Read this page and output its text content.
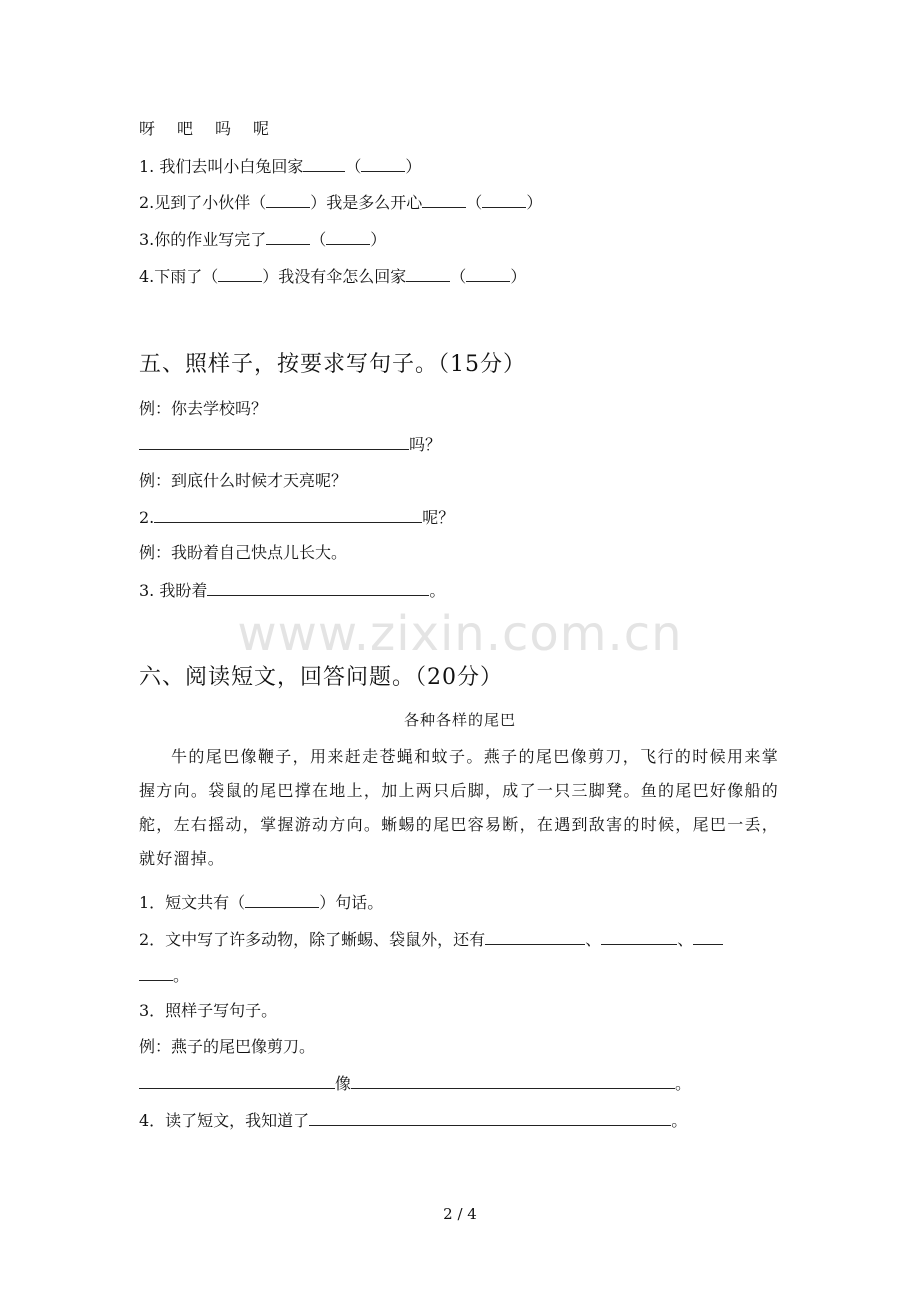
呀　吧　吗　呢
1. 我们去叫小白兔回家	（	）
2.见到了小伙伴（	）我是多么开心	（	）
3.你的作业写完了	（	）
4.下雨了（	）我没有伞怎么回家	（	）
五、照样子，按要求写句子。（15分）
例：你去学校吗？
吗？
例：到底什么时候才天亮呢？
2.	呢？
例：我盼着自己快点儿长大。
3. 我盼着	。
www.zixin.com.cn
六、阅读短文，回答问题。（20分）
各种各样的尾巴
牛的尾巴像鞭子，用来赶走苍蝇和蚊子。燕子的尾巴像剪刀，飞行的时候用来掌握方向。袋鼠的尾巴撑在地上，加上两只后脚，成了一只三脚凳。鱼的尾巴好像船的舵，左右摇动，掌握游动方向。蜥蜴的尾巴容易断，在遇到敌害的时候，尾巴一丢，就好溜掉。
1．短文共有（	）句话。
2．文中写了许多动物，除了蜥蜴、袋鼠外，还有	、	、
。
3．照样子写句子。
例：燕子的尾巴像剪刀。
像	。
4．读了短文，我知道了	。
2 / 4
